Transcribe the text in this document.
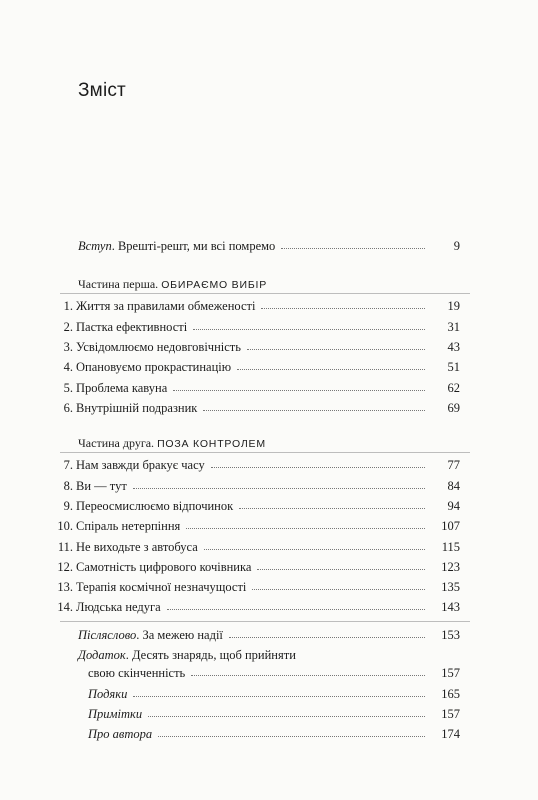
Зміст
Вступ. Врешті-решт, ми всі помремо	9
Частина перша. ОБИРАЄМО ВИБІР
1. Життя за правилами обмеженості	19
2. Пастка ефективності	31
3. Усвідомлюємо недовговічність	43
4. Опановуємо прокрастинацію	51
5. Проблема кавуна	62
6. Внутрішній подразник	69
Частина друга. ПОЗА КОНТРОЛЕМ
7. Нам завжди бракує часу	77
8. Ви — тут	84
9. Переосмислюємо відпочинок	94
10. Спіраль нетерпіння	107
11. Не виходьте з автобуса	115
12. Самотність цифрового кочівника	123
13. Терапія космічної незначущості	135
14. Людська недуга	143
Післяслово. За межею надії	153
Додаток. Десять знарядь, щоб прийняти
свою скінченність	157
Подяки	165
Примітки	157
Про автора	174
